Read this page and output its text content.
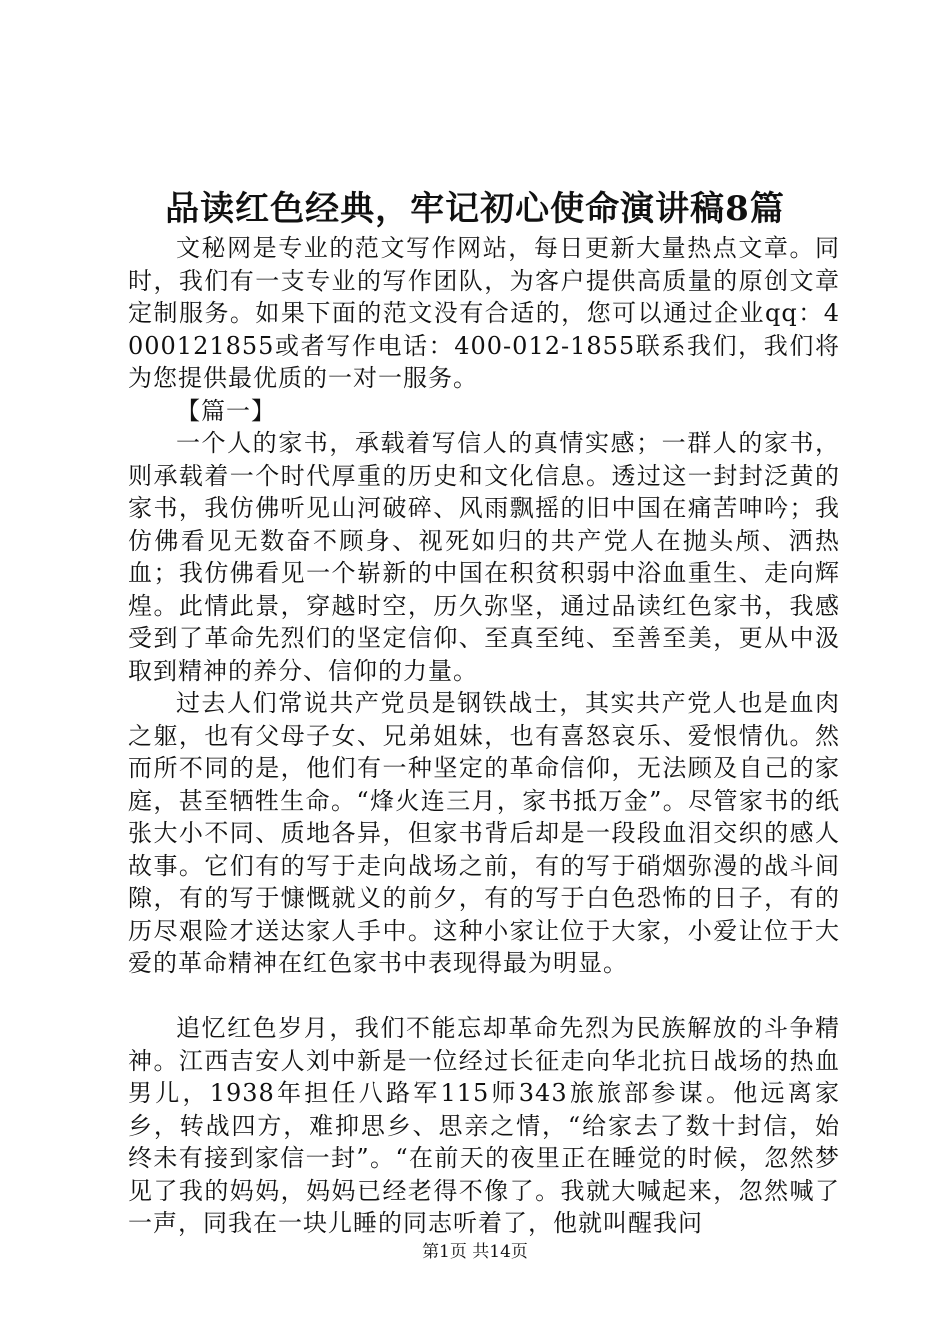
品读红色经典，牢记初心使命演讲稿8篇

文秘网是专业的范文写作网站，每日更新大量热点文章。同时，我们有一支专业的写作团队，为客户提供高质量的原创文章定制服务。如果下面的范文没有合适的，您可以通过企业qq：4000121855或者写作电话：400-012-1855联系我们，我们将为您提供最优质的一对一服务。

【篇一】

一个人的家书，承载着写信人的真情实感；一群人的家书，则承载着一个时代厚重的历史和文化信息。透过这一封封泛黄的家书，我仿佛听见山河破碎、风雨飘摇的旧中国在痛苦呻吟；我仿佛看见无数奋不顾身、视死如归的共产党人在抛头颅、洒热血；我仿佛看见一个崭新的中国在积贫积弱中浴血重生、走向辉煌。此情此景，穿越时空，历久弥坚，通过品读红色家书，我感受到了革命先烈们的坚定信仰、至真至纯、至善至美，更从中汲取到精神的养分、信仰的力量。

过去人们常说共产党员是钢铁战士，其实共产党人也是血肉之躯，也有父母子女、兄弟姐妹，也有喜怒哀乐、爱恨情仇。然而所不同的是，他们有一种坚定的革命信仰，无法顾及自己的家庭，甚至牺牲生命。“烽火连三月，家书抵万金”。尽管家书的纸张大小不同、质地各异，但家书背后却是一段段血泪交织的感人故事。它们有的写于走向战场之前，有的写于硝烟弥漫的战斗间隙，有的写于慷慨就义的前夕，有的写于白色恐怖的日子，有的历尽艰险才送达家人手中。这种小家让位于大家，小爱让位于大爱的革命精神在红色家书中表现得最为明显。

追忆红色岁月，我们不能忘却革命先烈为民族解放的斗争精神。江西吉安人刘中新是一位经过长征走向华北抗日战场的热血男儿，1938年担任八路军115师343旅旅部参谋。他远离家乡，转战四方，难抑思乡、思亲之情，“给家去了数十封信，始终未有接到家信一封”。“在前天的夜里正在睡觉的时候，忽然梦见了我的妈妈，妈妈已经老得不像了。我就大喊起来，忽然喊了一声，同我在一块儿睡的同志听着了，他就叫醒我问

第1页 共14页
